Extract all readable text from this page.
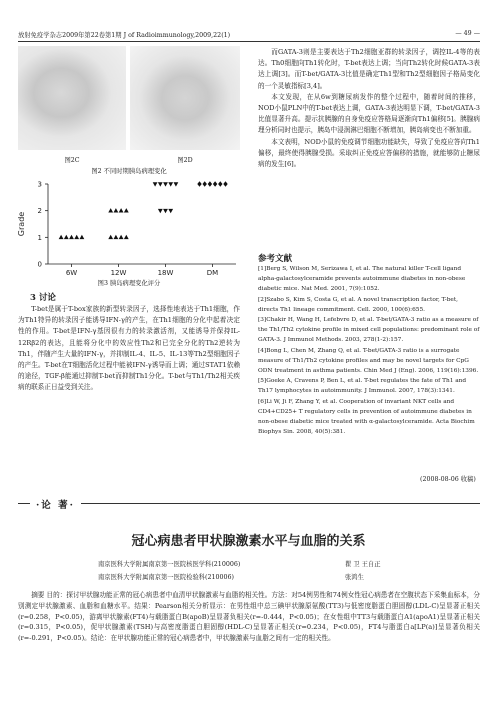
放射免疫学杂志2009年第22卷第1期 J of Radioimmunology,2009,22(1)	— 49 —
图2C	图2D
图2 不同时期胰岛病理变化
0
1
2
3
Grade
6W	12W	18W	DM
图3 胰岛病理变化评分
3 讨论

T-bet是属于T-box家族的新型转录因子，选择性地表达于Th1细胞，作为Th1特异的转录因子能诱导IFN-γ的产生，在Th1细胞的分化中起着决定性的作用。T-bet是IFN-γ基因很有力的转录激活剂，又能诱导并保持IL-12Rβ2的表达，且能将分化中的效应性Th2和已完全分化的Th2逆转为Th1，伴随产生大量的IFN-γ，并抑制IL-4、IL-5、IL-13等Th2型细胞因子的产生。T-bet在T细胞活化过程中能被IFN-γ诱导而上调；通过STAT1依赖的途径，TGF-β能通过抑制T-bet而抑制Th1分化。T-bet与Th1/Th2相关疾病的联系正日益受到关注。

而GATA-3则是主要表达于Th2细胞亚群的转录因子，调控IL-4等的表达。Th0细胞向Th1转化时，T-bet表达上调；当向Th2转化时候GATA-3表达上调[3]。而T-bet/GATA-3比值是确定Th1型和Th2型细胞因子格局变化的一个灵敏指标[3,4]。

本文发现，在从6w到糖尿病发作的整个过程中，随着时间的推移，NOD小鼠PLN中的T-bet表达上调，GATA-3表达明显下调，T-bet/GATA-3比值显著升高。提示抗胰腺的自身免疫应答格局逐渐向Th1偏移[5]。胰腺病理分析同时也提示，胰岛中浸润淋巴细胞不断增加，胰岛病变也不断加重。

本文表明，NOD小鼠的免疫调节细胞功能缺失，导致了免疫应答向Th1偏移，最终使得胰腺受损。采取纠正免疫应答偏移的措施，就能够防止糖尿病的发生[6]。

参考文献
[1]Berg S, Wilson M, Serizawa I, et al. The natural killer T-cell ligand alpha-galactosylceramide prevents autoimmune diabetes in non-obese diabetic mice. Nat Med. 2001, 7(9):1052.
[2]Szabo S, Kim S, Costa G, et al. A novel transcription factor, T-bet, directs Th1 lineage commitment. Cell. 2000, 100(6):655.
[3]Chakir H, Wang H, Lefebvre D, et al. T-bet/GATA-3 ratio as a measure of the Th1/Th2 cytokine profile in mixed cell populations: predominant role of GATA-3. J Immunol Methods. 2003, 278(1-2):157.
[4]Bong L, Chen M, Zhang Q, et al. T-bet/GATA-3 ratio is a surrogate measure of Th1/Th2 cytokine profiles and may be novel targets for CpG ODN treatment in asthma patients. Chin Med J (Eng). 2006, 119(16):1396.
[5]Goeke A, Cravens P, Ben L, et al. T-bet regulates the fate of Th1 and Th17 lymphocytes in autoimmunity. J Immunol. 2007, 178(3):1341.
[6]Li W, Ji F, Zhang Y, et al. Cooperation of invariant NKT cells and CD4+CD25+ T regulatory cells in prevention of autoimmune diabetes in non-obese diabetic mice treated with α-galactosylceramide. Acta Biochim Biophys Sin. 2008, 40(5):381.
(2008-08-06 收稿)
·论 著·
冠心病患者甲状腺激素水平与血脂的关系
南京医科大学附属南京第一医院核医学科(210006)	瞿 卫 王自正
南京医科大学附属南京第一医院检验科(210006)	张鸿生

摘要 目的：探讨甲状腺功能正常的冠心病患者中血清甲状腺激素与血脂的相关性。方法：对54例男性和74例女性冠心病患者在空腹状态下采集血标本，分别测定甲状腺激素、血脂和血糖水平。结果：Pearson相关分析显示：在男性组中总三碘甲状腺原氨酸(TT3)与低密度脂蛋白胆固醇(LDL-C)呈显著正相关(r=0.258，P<0.05)，游离甲状腺素(FT4)与载脂蛋白B(apoB)呈显著负相关(r=-0.444，P<0.05)；在女性组中TT3与载脂蛋白A1(apoA1)呈显著正相关(r=0.315，P<0.05)，促甲状腺激素(TSH)与高密度脂蛋白胆固醇(HDL-C)呈显著正相关(r=0.234，P<0.05)，FT4与脂蛋白a[LP(a)]呈显著负相关(r=-0.291，P<0.05)。结论：在甲状腺功能正常的冠心病患者中，甲状腺激素与血脂之间有一定的相关性。
